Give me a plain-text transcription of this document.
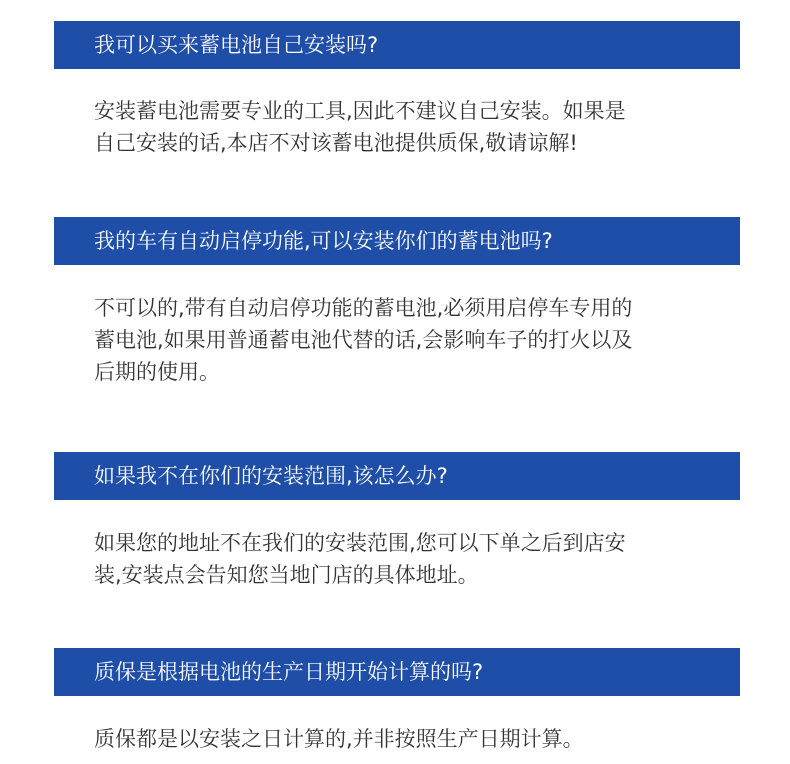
我可以买来蓄电池自己安装吗?

安装蓄电池需要专业的工具,因此不建议自己安装。如果是
自己安装的话,本店不对该蓄电池提供质保,敬请谅解!

我的车有自动启停功能,可以安装你们的蓄电池吗?

不可以的,带有自动启停功能的蓄电池,必须用启停车专用的
蓄电池,如果用普通蓄电池代替的话,会影响车子的打火以及
后期的使用。

如果我不在你们的安装范围,该怎么办?

如果您的地址不在我们的安装范围,您可以下单之后到店安
装,安装点会告知您当地门店的具体地址。

质保是根据电池的生产日期开始计算的吗?

质保都是以安装之日计算的,并非按照生产日期计算。
